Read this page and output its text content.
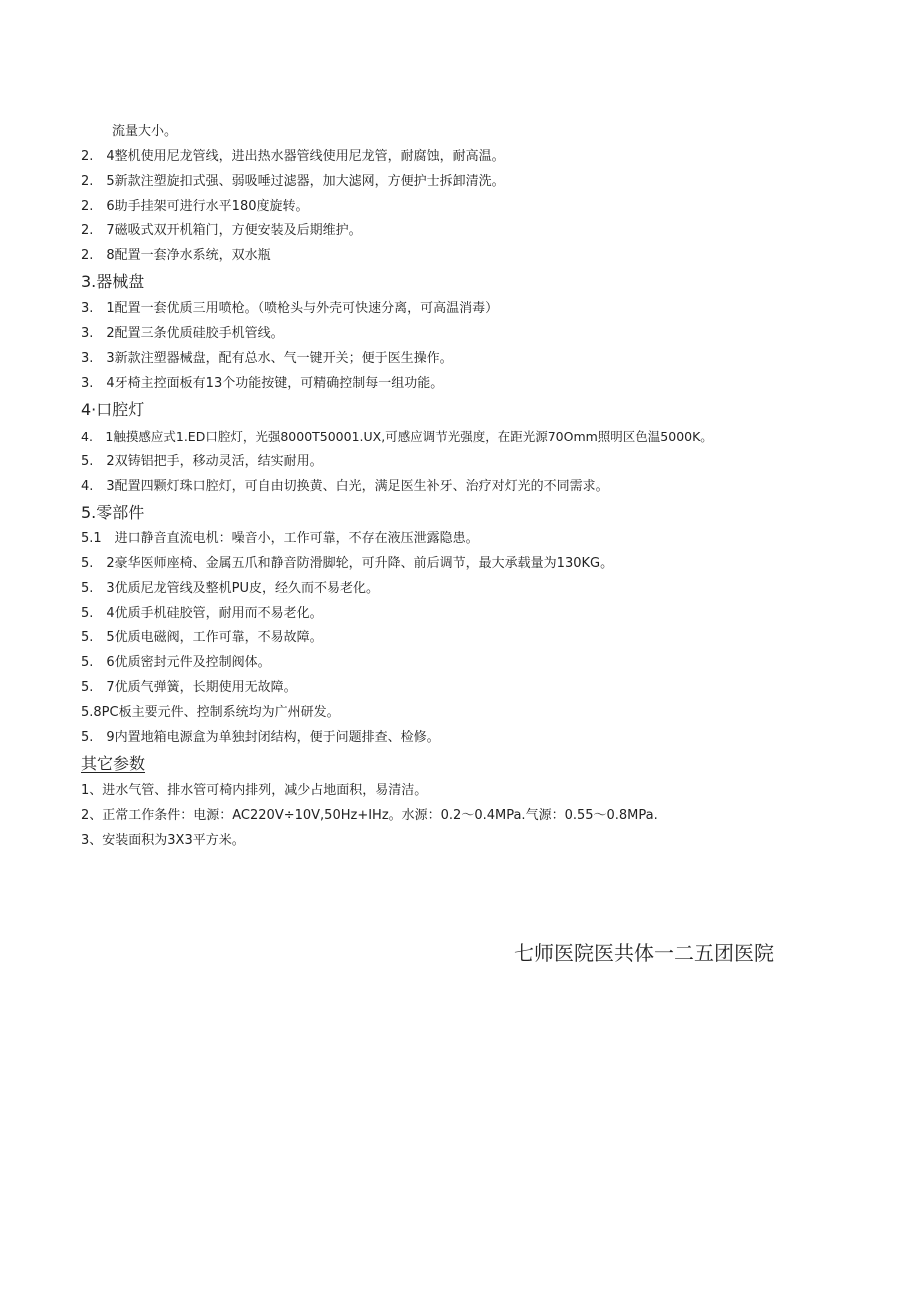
流量大小。
2.　4整机使用尼龙管线，进出热水器管线使用尼龙管，耐腐蚀，耐高温。
2.　5新款注塑旋扣式强、弱吸唾过滤器，加大滤网，方便护士拆卸清洗。
2.　6助手挂架可进行水平180度旋转。
2.　7磁吸式双开机箱门，方便安装及后期维护。
2.　8配置一套净水系统，双水瓶
3.器械盘
3.　1配置一套优质三用喷枪。（喷枪头与外壳可快速分离，可高温消毒）
3.　2配置三条优质硅胶手机管线。
3.　3新款注塑器械盘，配有总水、气一键开关；便于医生操作。
3.　4牙椅主控面板有13个功能按键，可精确控制每一组功能。
4·口腔灯
4.　1触摸感应式1.ED口腔灯，光强8000T50001.UX,可感应调节光强度，在距光源70Omm照明区色温5000K。
5.　2双铸铝把手，移动灵活，结实耐用。
4.　3配置四颗灯珠口腔灯，可自由切换黄、白光，满足医生补牙、治疗对灯光的不同需求。
5.零部件
5.1　进口静音直流电机：噪音小，工作可靠，不存在液压泄露隐患。
5.　2豪华医师座椅、金属五爪和静音防滑脚轮，可升降、前后调节，最大承载量为130KG。
5.　3优质尼龙管线及整机PU皮，经久而不易老化。
5.　4优质手机硅胶管，耐用而不易老化。
5.　5优质电磁阀，工作可靠，不易故障。
5.　6优质密封元件及控制阀体。
5.　7优质气弹簧，长期使用无故障。
5.8PC板主要元件、控制系统均为广州研发。
5.　9内置地箱电源盒为单独封闭结构，便于问题排查、检修。
其它参数
1、进水气管、排水管可椅内排列，减少占地面积，易清洁。
2、正常工作条件：电源：AC220V÷10V,50Hz+IHz。水源：0.2～0.4MPa.气源：0.55～0.8MPa.
3、安装面积为3X3平方米。
七师医院医共体一二五团医院
